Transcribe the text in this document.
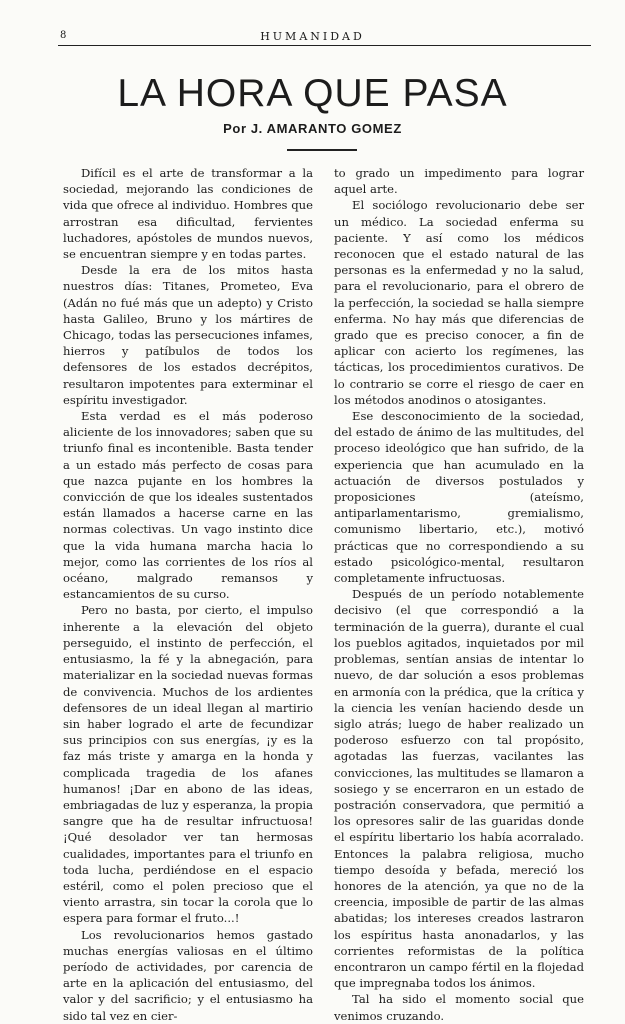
8	HUMANIDAD
LA HORA QUE PASA
Por J. AMARANTO GOMEZ

Difícil es el arte de transformar a la sociedad, mejorando las condiciones de vida que ofrece al individuo. Hombres que arrostran esa dificultad, fervientes luchadores, apóstoles de mundos nuevos, se encuentran siempre y en todas partes.

Desde la era de los mitos hasta nuestros días: Titanes, Prometeo, Eva (Adán no fué más que un adepto) y Cristo hasta Galileo, Bruno y los mártires de Chicago, todas las persecuciones infames, hierros y patíbulos de todos los defensores de los estados decrépitos, resultaron impotentes para exterminar el espíritu investigador.

Esta verdad es el más poderoso aliciente de los innovadores; saben que su triunfo final es incontenible. Basta tender a un estado más perfecto de cosas para que nazca pujante en los hombres la convicción de que los ideales sustentados están llamados a hacerse carne en las normas colectivas. Un vago instinto dice que la vida humana marcha hacia lo mejor, como las corrientes de los ríos al océano, malgrado remansos y estancamientos de su curso.

Pero no basta, por cierto, el impulso inherente a la elevación del objeto perseguido, el instinto de perfección, el entusiasmo, la fé y la abnegación, para materializar en la sociedad nuevas formas de convivencia. Muchos de los ardientes defensores de un ideal llegan al martirio sin haber logrado el arte de fecundizar sus principios con sus energías, ¡y es la faz más triste y amarga en la honda y complicada tragedia de los afanes humanos! ¡Dar en abono de las ideas, embriagadas de luz y esperanza, la propia sangre que ha de resultar infructuosa! ¡Qué desolador ver tan hermosas cualidades, importantes para el triunfo en toda lucha, perdiéndose en el espacio estéril, como el polen precioso que el viento arrastra, sin tocar la corola que lo espera para formar el fruto...!

Los revolucionarios hemos gastado muchas energías valiosas en el último período de actividades, por carencia de arte en la aplicación del entusiasmo, del valor y del sacrificio; y el entusiasmo ha sido tal vez en cier-

to grado un impedimento para lograr aquel arte.

El sociólogo revolucionario debe ser un médico. La sociedad enferma su paciente. Y así como los médicos reconocen que el estado natural de las personas es la enfermedad y no la salud, para el revolucionario, para el obrero de la perfección, la sociedad se halla siempre enferma. No hay más que diferencias de grado que es preciso conocer, a fin de aplicar con acierto los regímenes, las tácticas, los procedimientos curativos. De lo contrario se corre el riesgo de caer en los métodos anodinos o atosigantes.

Ese desconocimiento de la sociedad, del estado de ánimo de las multitudes, del proceso ideológico que han sufrido, de la experiencia que han acumulado en la actuación de diversos postulados y proposiciones (ateísmo, antiparlamentarismo, gremialismo, comunismo libertario, etc.), motivó prácticas que no correspondiendo a su estado psicológico-mental, resultaron completamente infructuosas.

Después de un período notablemente decisivo (el que correspondió a la terminación de la guerra), durante el cual los pueblos agitados, inquietados por mil problemas, sentían ansias de intentar lo nuevo, de dar solución a esos problemas en armonía con la prédica, que la crítica y la ciencia les venían haciendo desde un siglo atrás; luego de haber realizado un poderoso esfuerzo con tal propósito, agotadas las fuerzas, vacilantes las convicciones, las multitudes se llamaron a sosiego y se encerraron en un estado de postración conservadora, que permitió a los opresores salir de las guaridas donde el espíritu libertario los había acorralado. Entonces la palabra religiosa, mucho tiempo desoída y befada, mereció los honores de la atención, ya que no de la creencia, imposible de partir de las almas abatidas; los intereses creados lastraron los espíritus hasta anonadarlos, y las corrientes reformistas de la política encontraron un campo fértil en la flojedad que impregnaba todos los ánimos.

Tal ha sido el momento social que venimos cruzando.
